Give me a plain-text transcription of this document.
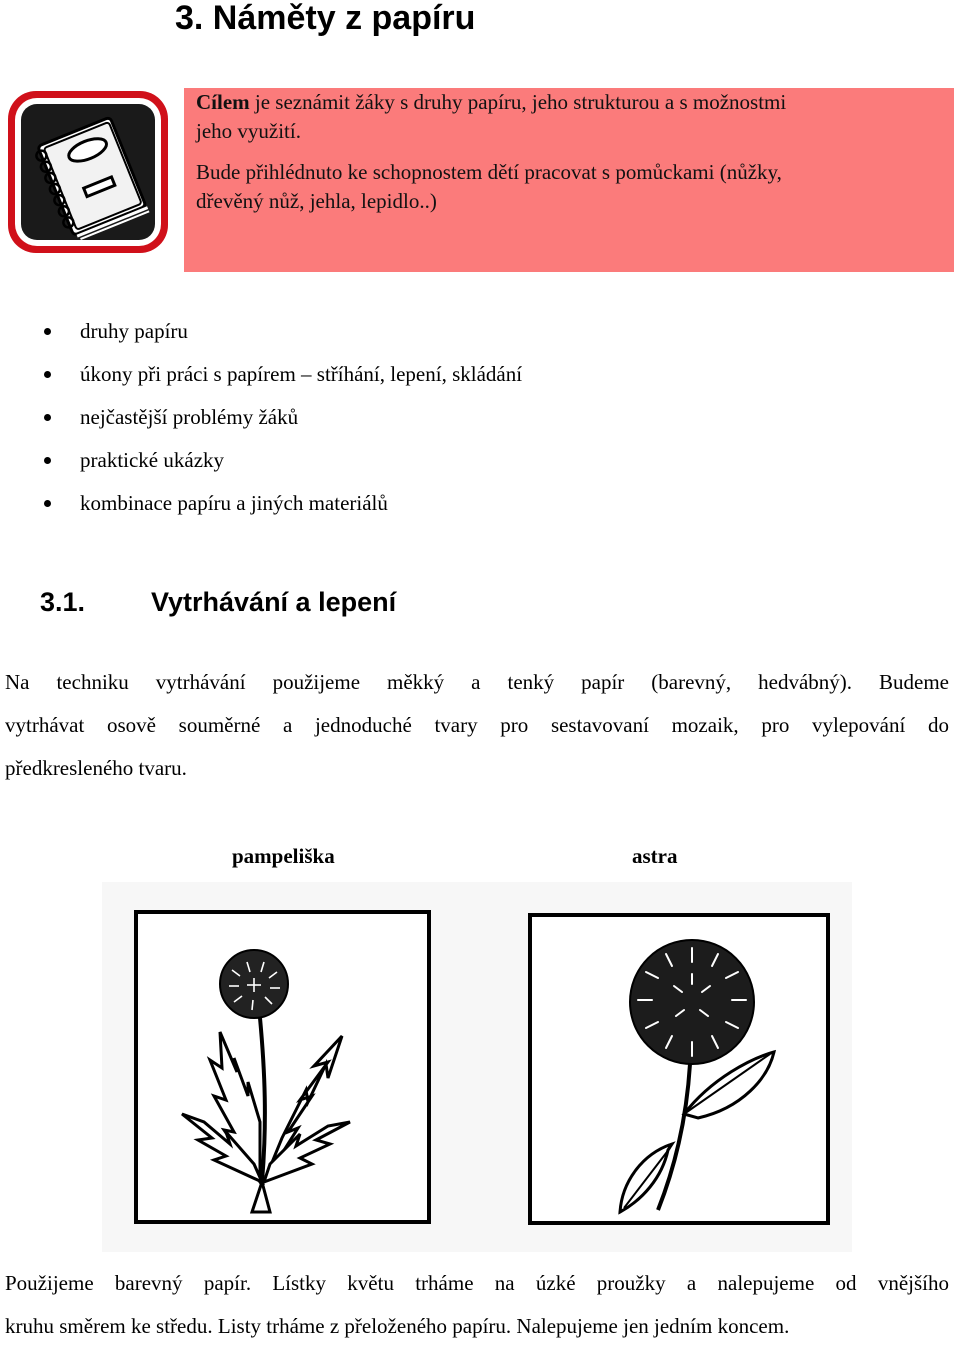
3. Náměty z papíru
Cílem je seznámit žáky s druhy papíru, jeho strukturou a s možnostmi
jeho využití.
Bude přihlédnuto ke schopnostem dětí pracovat s pomůckami (nůžky,
dřevěný nůž, jehla, lepidlo..)
druhy papíru
úkony při práci s papírem – stříhání, lepení, skládání
nejčastější problémy žáků
praktické ukázky
kombinace papíru a jiných materiálů
3.1. Vytrhávání a lepení
Na techniku vytrhávání použijeme měkký a tenký papír (barevný, hedvábný). Budeme
vytrhávat osově souměrné a jednoduché tvary pro sestavovaní mozaik, pro vylepování do
předkresleného tvaru.
pampeliška	astra
Použijeme barevný papír. Lístky květu trháme na úzké proužky a nalepujeme od vnějšího
kruhu směrem ke středu. Listy trháme z přeloženého papíru. Nalepujeme jen jedním koncem.
